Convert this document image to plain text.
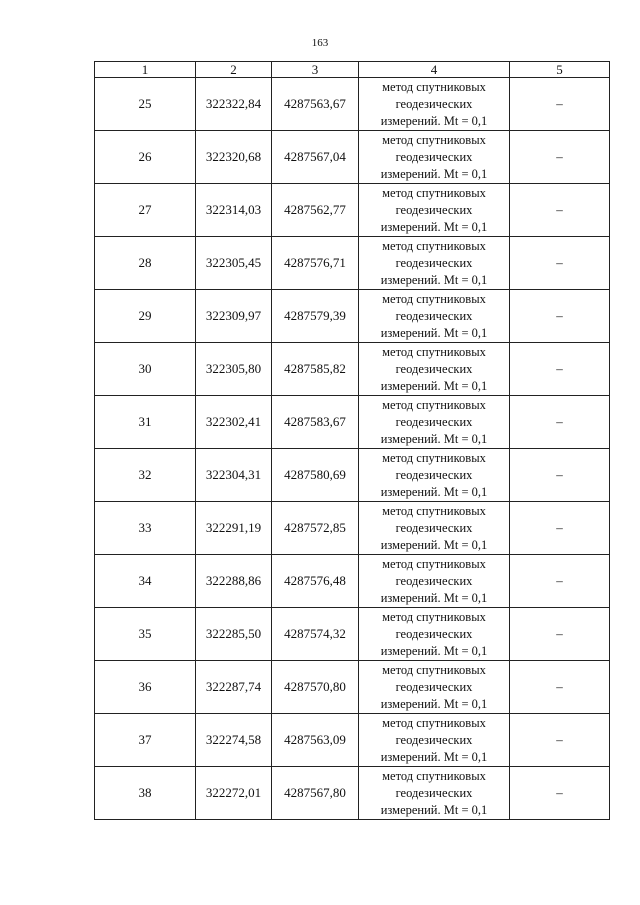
163
1	2	3	4	5
25	322322,84	4287563,67	метод спутниковых
геодезических
измерений. Mt = 0,1	–
26	322320,68	4287567,04	метод спутниковых
геодезических
измерений. Mt = 0,1	–
27	322314,03	4287562,77	метод спутниковых
геодезических
измерений. Mt = 0,1	–
28	322305,45	4287576,71	метод спутниковых
геодезических
измерений. Mt = 0,1	–
29	322309,97	4287579,39	метод спутниковых
геодезических
измерений. Mt = 0,1	–
30	322305,80	4287585,82	метод спутниковых
геодезических
измерений. Mt = 0,1	–
31	322302,41	4287583,67	метод спутниковых
геодезических
измерений. Mt = 0,1	–
32	322304,31	4287580,69	метод спутниковых
геодезических
измерений. Mt = 0,1	–
33	322291,19	4287572,85	метод спутниковых
геодезических
измерений. Mt = 0,1	–
34	322288,86	4287576,48	метод спутниковых
геодезических
измерений. Mt = 0,1	–
35	322285,50	4287574,32	метод спутниковых
геодезических
измерений. Mt = 0,1	–
36	322287,74	4287570,80	метод спутниковых
геодезических
измерений. Mt = 0,1	–
37	322274,58	4287563,09	метод спутниковых
геодезических
измерений. Mt = 0,1	–
38	322272,01	4287567,80	метод спутниковых
геодезических
измерений. Mt = 0,1	–
